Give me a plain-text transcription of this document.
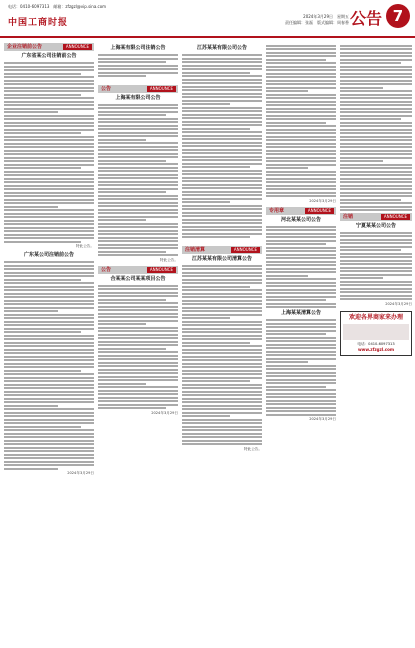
电话：0410-6097313　邮箱：zfzgzl@vip.sina.com
中国工商时报
2024年3月29日　星期五
责任编辑：张磊　版式编辑：周春香 公告 7
企业注销前公告	ANNOUNCE
广东省某公司注销前公告
特此公告。
广东某公司注销前公告
2024年3月29日
上海某有限公司注销公告
公告	ANNOUNCE
上海某有限公司公告
特此公告。
公告	ANNOUNCE
合某某公司某某项目公告
2024年3月29日
江苏某某有限公司公告
注销清算	ANNOUNCE
江苏某某有限公司清算公告
特此公告。
2024年3月29日
专用章	ANNOUNCE
河北某某公司公告
上海某某清算公告
2024年3月29日
注销	ANNOUNCE
宁夏某某公司公告
2024年3月29日
欢迎各界商家来办理
电话：0410-6097313
www.zfzgzl.com
